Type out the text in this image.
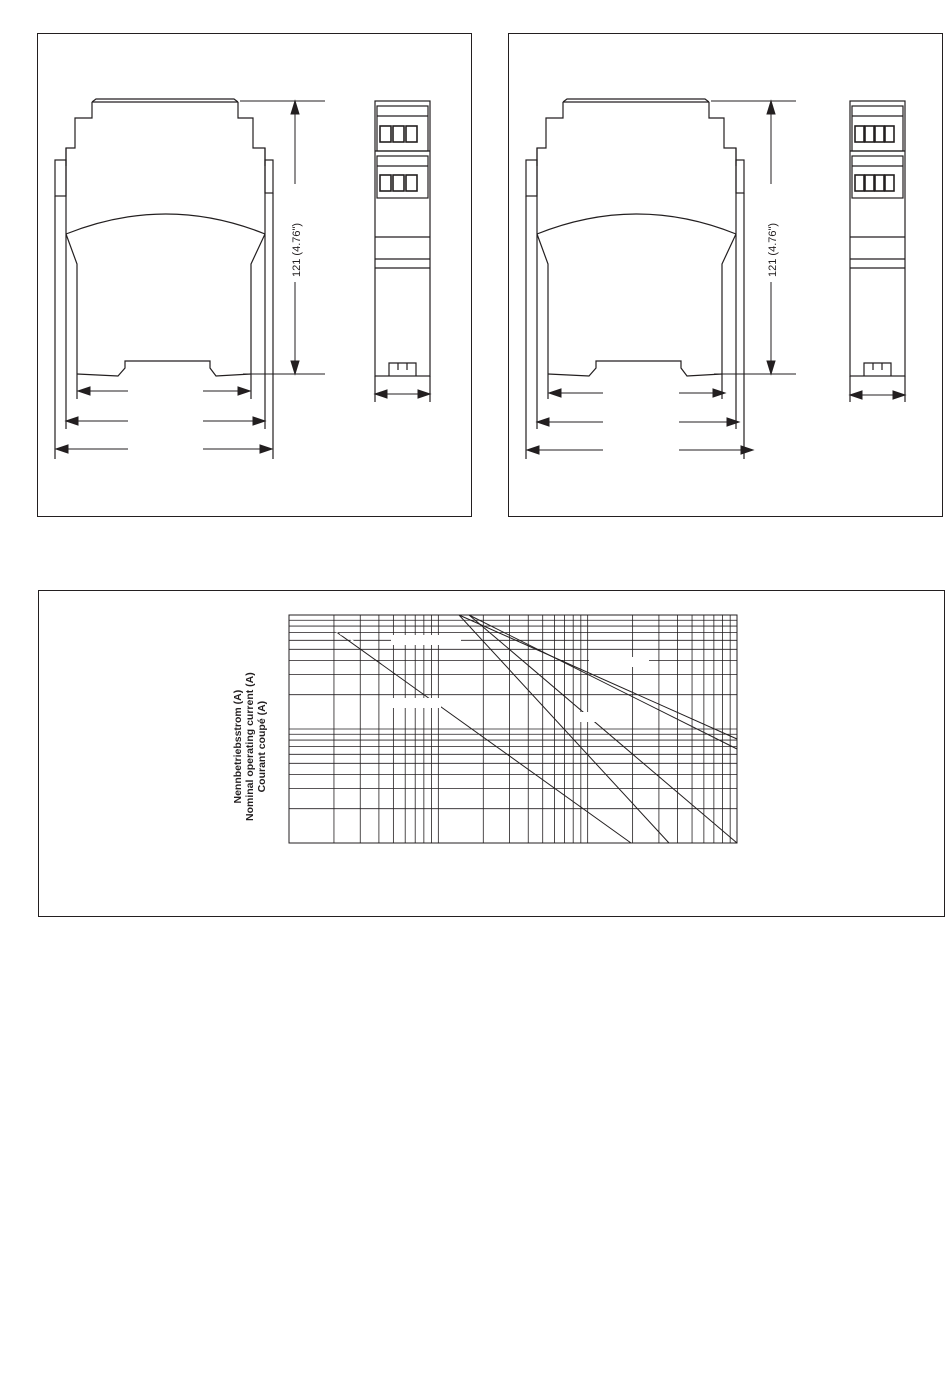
121 (4.76")	121 (4.76")
Nennbetriebsstrom (A) Nominal operating current (A) Courant coupé (A)
